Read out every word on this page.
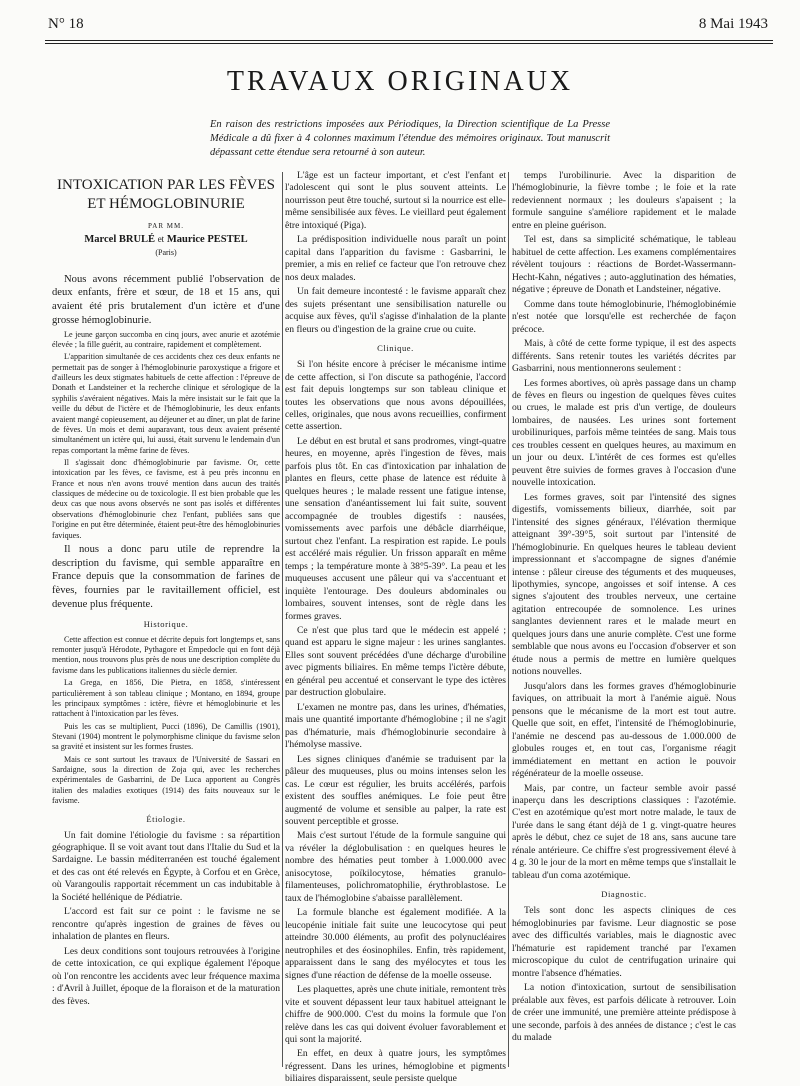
N° 18	8 Mai 1943
TRAVAUX ORIGINAUX
En raison des restrictions imposées aux Périodiques, la Direction scientifique de La Presse Médicale a dû fixer à 4 colonnes maximum l'étendue des mémoires originaux. Tout manuscrit dépassant cette étendue sera retourné à son auteur.
INTOXICATION PAR LES FÈVES
ET HÉMOGLOBINURIE
PAR MM.
Marcel BRULÉ et Maurice PESTEL
(Paris)

Nous avons récemment publié l'observation de deux enfants, frère et sœur, de 18 et 15 ans, qui avaient été pris brutalement d'un ictère et d'une grosse hémoglobinurie.

Le jeune garçon succomba en cinq jours, avec anurie et azotémie élevée ; la fille guérit, au contraire, rapidement et complètement.

L'apparition simultanée de ces accidents chez ces deux enfants ne permettait pas de songer à l'hémoglobinurie paroxystique a frigore et d'ailleurs les deux stigmates habituels de cette affection : l'épreuve de Donath et Landsteiner et la recherche clinique et sérologique de la syphilis s'avéraient négatives. Mais la mère insistait sur le fait que la veille du début de l'ictère et de l'hémoglobinurie, les deux enfants avaient mangé copieusement, au déjeuner et au dîner, un plat de farine de fèves. Un mois et demi auparavant, tous deux avaient présenté simultanément un ictère qui, lui aussi, était survenu le lendemain d'un repas comportant la même farine de fèves.

Il s'agissait donc d'hémoglobinurie par favisme. Or, cette intoxication par les fèves, ce favisme, est à peu près inconnu en France et nous n'en avons trouvé mention dans aucun des traités classiques de médecine ou de toxicologie. Il est bien probable que les deux cas que nous avons observés ne sont pas isolés et différentes observations d'hémoglobinurie chez l'enfant, publiées sans que l'origine en put être déterminée, étaient peut-être des hémoglobinuries faviques.

Il nous a donc paru utile de reprendre la description du favisme, qui semble apparaître en France depuis que la consommation de farines de fèves, fournies par le ravitaillement officiel, est devenue plus fréquente.

Historique.

Cette affection est connue et décrite depuis fort longtemps et, sans remonter jusqu'à Hérodote, Pythagore et Empedocle qui en font déjà mention, nous trouvons plus près de nous une description complète du favisme dans les publications italiennes du siècle dernier.

La Grega, en 1856, Die Pietra, en 1858, s'intéressent particulièrement à son tableau clinique ; Montano, en 1894, groupe les principaux symptômes : ictère, fièvre et hémoglobinurie et les rattachent à l'intoxication par les fèves.

Puis les cas se multiplient, Pucci (1896), De Camillis (1901), Stevani (1904) montrent le polymorphisme clinique du favisme selon sa gravité et insistent sur les formes frustes.

Mais ce sont surtout les travaux de l'Université de Sassari en Sardaigne, sous la direction de Zoja qui, avec les recherches expérimentales de Gasbarrini, de De Luca apportent au Congrès italien des maladies exotiques (1914) des faits nouveaux sur le favisme.

Étiologie.

Un fait domine l'étiologie du favisme : sa répartition géographique. Il se voit avant tout dans l'Italie du Sud et la Sardaigne. Le bassin méditerranéen est touché également et des cas ont été relevés en Égypte, à Corfou et en Grèce, où Varangoulis rapportait récemment un cas indubitable à la Société hellénique de Pédiatrie.

L'accord est fait sur ce point : le favisme ne se rencontre qu'après ingestion de graines de fèves ou inhalation de plantes en fleurs.

Les deux conditions sont toujours retrouvées à l'origine de cette intoxication, ce qui explique également l'époque où l'on rencontre les accidents avec leur fréquence maxima : d'Avril à Juillet, époque de la floraison et de la maturation des fèves.

L'âge est un facteur important, et c'est l'enfant et l'adolescent qui sont le plus souvent atteints. Le nourrisson peut être touché, surtout si la nourrice est elle-même sensibilisée aux fèves. Le vieillard peut également être intoxiqué (Piga).

La prédisposition individuelle nous paraît un point capital dans l'apparition du favisme : Gasbarrini, le premier, a mis en relief ce facteur que l'on retrouve chez nos deux malades.

Un fait demeure incontesté : le favisme apparaît chez des sujets présentant une sensibilisation naturelle ou acquise aux fèves, qu'il s'agisse d'inhalation de la plante en fleurs ou d'ingestion de la graine crue ou cuite.

Clinique.

Si l'on hésite encore à préciser le mécanisme intime de cette affection, si l'on discute sa pathogénie, l'accord est fait depuis longtemps sur son tableau clinique et toutes les observations que nous avons dépouillées, celles, originales, que nous avons recueillies, confirment cette assertion.

Le début en est brutal et sans prodromes, vingt-quatre heures, en moyenne, après l'ingestion de fèves, mais parfois plus tôt. En cas d'intoxication par inhalation de plantes en fleurs, cette phase de latence est réduite à quelques heures ; le malade ressent une fatigue intense, une sensation d'anéantissement lui fait suite, souvent accompagnée de troubles digestifs : nausées, vomissements avec parfois une débâcle diarrhéique, surtout chez l'enfant. La respiration est rapide. Le pouls est accéléré mais régulier. Un frisson apparaît en même temps ; la température monte à 38°5-39°. La peau et les muqueuses accusent une pâleur qui va s'accentuant et inquiète l'entourage. Des douleurs abdominales ou lombaires, souvent intenses, sont de règle dans les formes graves.

Ce n'est que plus tard que le médecin est appelé ; quand est apparu le signe majeur : les urines sanglantes. Elles sont souvent précédées d'une décharge d'urobiline avec pigments biliaires. En même temps l'ictère débute, en général peu accentué et conservant le type des ictères par destruction globulaire.

L'examen ne montre pas, dans les urines, d'hématies, mais une quantité importante d'hémoglobine ; il ne s'agit pas d'hématurie, mais d'hémoglobinurie secondaire à l'hémolyse massive.

Les signes cliniques d'anémie se traduisent par la pâleur des muqueuses, plus ou moins intenses selon les cas. Le cœur est régulier, les bruits accélérés, parfois existent des souffles anémiques. Le foie peut être augmenté de volume et sensible au palper, la rate est souvent perceptible et grosse.

Mais c'est surtout l'étude de la formule sanguine qui va révéler la déglobulisation : en quelques heures le nombre des hématies peut tomber à 1.000.000 avec anisocytose, poïkilocytose, hématies granulo-filamenteuses, polichromatophilie, érythroblastose. Le taux de l'hémoglobine s'abaisse parallèlement.

La formule blanche est également modifiée. A la leucopénie initiale fait suite une leucocytose qui peut atteindre 30.000 éléments, au profit des polynucléaires neutrophiles et des éosinophiles. Enfin, très rapidement, apparaissent dans le sang des myélocytes et tous les signes d'une réaction de défense de la moelle osseuse.

Les plaquettes, après une chute initiale, remontent très vite et souvent dépassent leur taux habituel atteignant le chiffre de 900.000. C'est du moins la formule que l'on relève dans les cas qui doivent évoluer favorablement et qui sont la majorité.

En effet, en deux à quatre jours, les symptômes régressent. Dans les urines, hémoglobine et pigments biliaires disparaissent, seule persiste quelque

temps l'urobilinurie. Avec la disparition de l'hémoglobinurie, la fièvre tombe ; le foie et la rate redeviennent normaux ; les douleurs s'apaisent ; la formule sanguine s'améliore rapidement et le malade entre en pleine guérison.

Tel est, dans sa simplicité schématique, le tableau habituel de cette affection. Les examens complémentaires révèlent toujours : réactions de Bordet-Wassermann-Hecht-Kahn, négatives ; auto-agglutination des hématies, négative ; épreuve de Donath et Landsteiner, négative.

Comme dans toute hémoglobinurie, l'hémoglobinémie n'est notée que lorsqu'elle est recherchée de façon précoce.

Mais, à côté de cette forme typique, il est des aspects différents. Sans retenir toutes les variétés décrites par Gasbarrini, nous mentionnerons seulement :

Les formes abortives, où après passage dans un champ de fèves en fleurs ou ingestion de quelques fèves cuites ou crues, le malade est pris d'un vertige, de douleurs lombaires, de nausées. Les urines sont fortement urobilinuriques, parfois même teintées de sang. Mais tous ces troubles cessent en quelques heures, au maximum en un jour ou deux. L'intérêt de ces formes est qu'elles peuvent être suivies de formes graves à l'occasion d'une nouvelle intoxication.

Les formes graves, soit par l'intensité des signes digestifs, vomissements bilieux, diarrhée, soit par l'intensité des signes généraux, l'élévation thermique atteignant 39°-39°5, soit surtout par l'intensité de l'hémoglobinurie. En quelques heures le tableau devient impressionnant et s'accompagne de signes d'anémie intense : pâleur cireuse des téguments et des muqueuses, lipothymies, syncope, angoisses et soif intense. A ces signes s'ajoutent des troubles nerveux, une certaine agitation entrecoupée de somnolence. Les urines sanglantes deviennent rares et le malade meurt en quelques jours dans une anurie complète. C'est une forme semblable que nous avons eu l'occasion d'observer et son étude nous a permis de mettre en lumière quelques notions nouvelles.

Jusqu'alors dans les formes graves d'hémoglobinurie faviques, on attribuait la mort à l'anémie aiguë. Nous pensons que le mécanisme de la mort est tout autre. Quelle que soit, en effet, l'intensité de l'hémoglobinurie, l'anémie ne descend pas au-dessous de 1.000.000 de globules rouges et, en tout cas, l'organisme réagit immédiatement en mettant en action le pouvoir régénérateur de la moelle osseuse.

Mais, par contre, un facteur semble avoir passé inaperçu dans les descriptions classiques : l'azotémie. C'est en azotémique qu'est mort notre malade, le taux de l'urée dans le sang étant déjà de 1 g. vingt-quatre heures après le début, chez ce sujet de 18 ans, sans aucune tare rénale antérieure. Ce chiffre s'est progressivement élevé à 4 g. 30 le jour de la mort en même temps que s'installait le tableau d'un coma azotémique.

Diagnostic.

Tels sont donc les aspects cliniques de ces hémoglobinuries par favisme. Leur diagnostic se pose avec des difficultés variables, mais le diagnostic avec l'hématurie est rapidement tranché par l'examen microscopique du culot de centrifugation urinaire qui montre l'absence d'hématies.

La notion d'intoxication, surtout de sensibilisation préalable aux fèves, est parfois délicate à retrouver. Loin de créer une immunité, une première atteinte prédispose à une seconde, parfois à des années de distance ; c'est le cas du malade
